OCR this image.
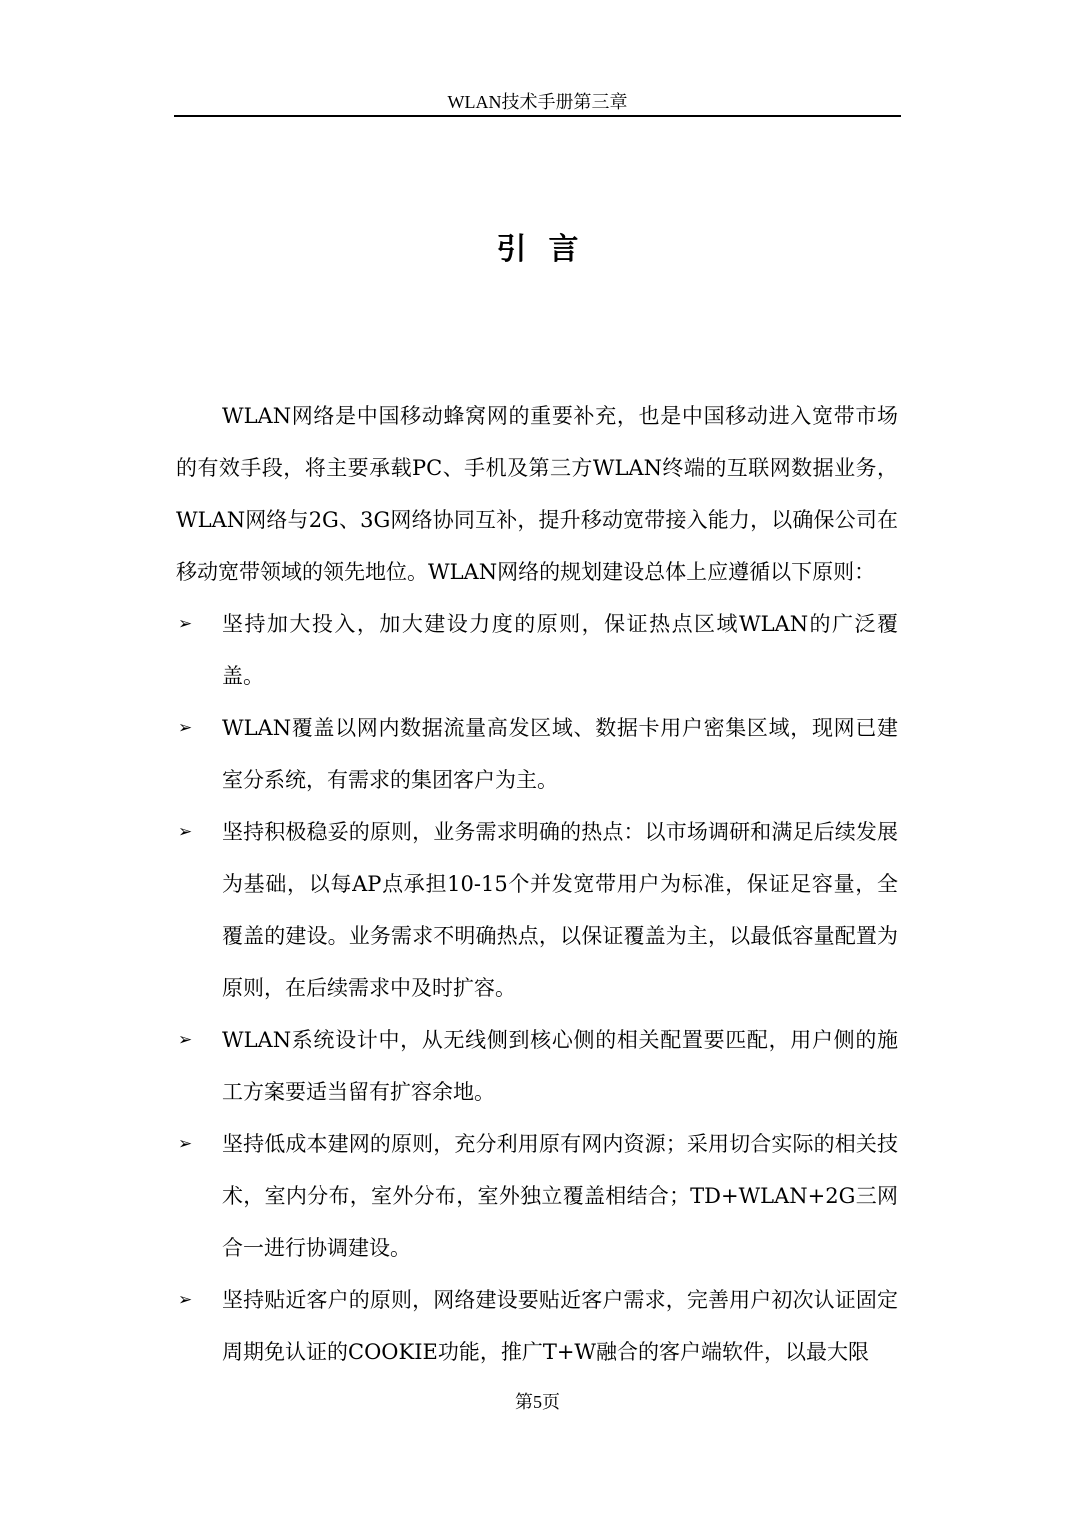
WLAN技术手册第三章
引言

WLAN网络是中国移动蜂窝网的重要补充，也是中国移动进入宽带市场的有效手段，将主要承载PC、手机及第三方WLAN终端的互联网数据业务，WLAN网络与2G、3G网络协同互补，提升移动宽带接入能力，以确保公司在移动宽带领域的领先地位。WLAN网络的规划建设总体上应遵循以下原则：

➢ 坚持加大投入，加大建设力度的原则，保证热点区域WLAN的广泛覆盖。
➢ WLAN覆盖以网内数据流量高发区域、数据卡用户密集区域，现网已建室分系统，有需求的集团客户为主。
➢ 坚持积极稳妥的原则，业务需求明确的热点：以市场调研和满足后续发展为基础，以每AP点承担10-15个并发宽带用户为标准，保证足容量，全覆盖的建设。业务需求不明确热点，以保证覆盖为主，以最低容量配置为原则，在后续需求中及时扩容。
➢ WLAN系统设计中，从无线侧到核心侧的相关配置要匹配，用户侧的施工方案要适当留有扩容余地。
➢ 坚持低成本建网的原则，充分利用原有网内资源；采用切合实际的相关技术，室内分布，室外分布，室外独立覆盖相结合；TD+WLAN+2G三网合一进行协调建设。
➢ 坚持贴近客户的原则，网络建设要贴近客户需求，完善用户初次认证固定周期免认证的COOKIE功能，推广T+W融合的客户端软件，以最大限
第5页
